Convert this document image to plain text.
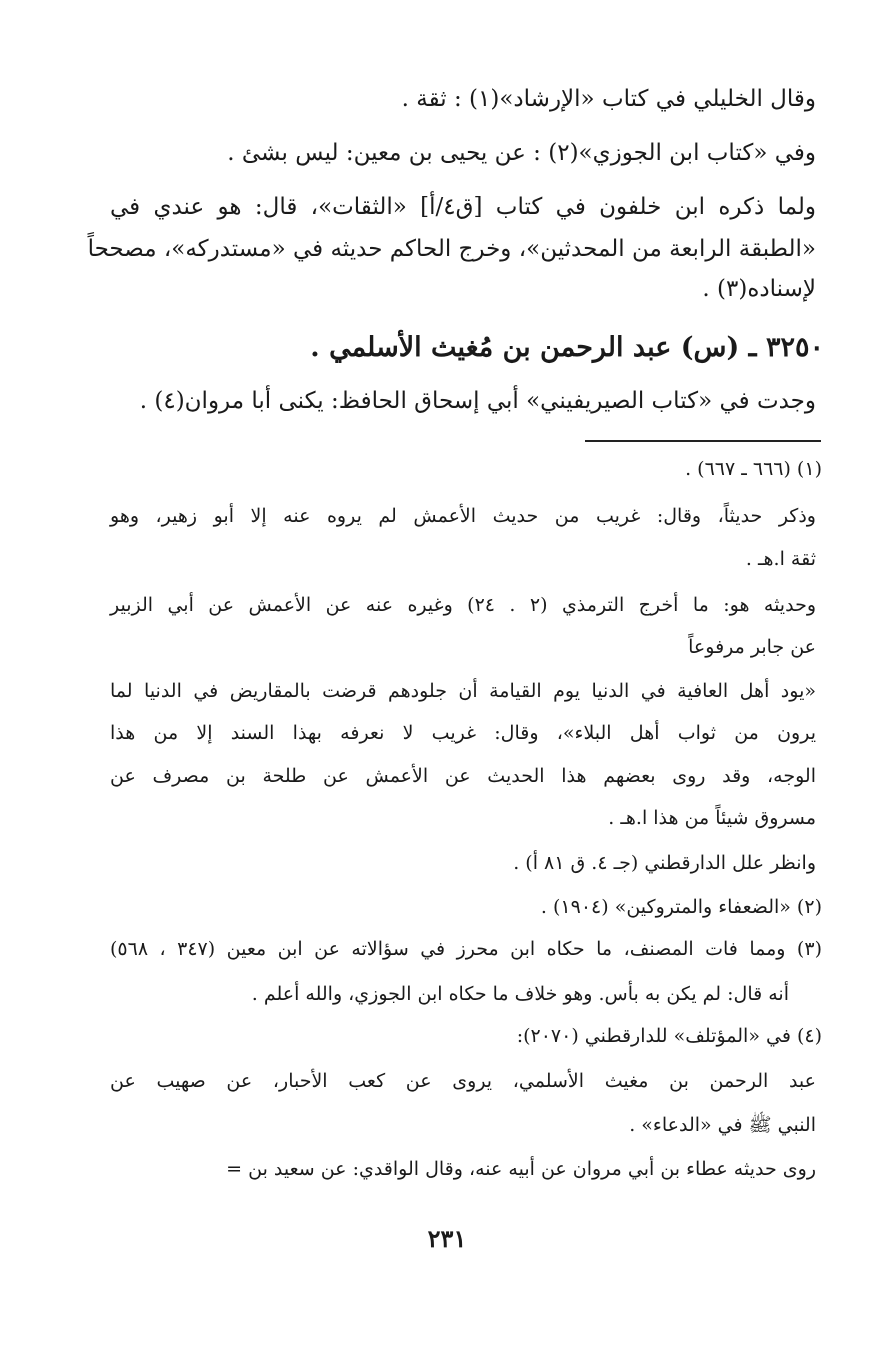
وقال الخليلي في كتاب «الإرشاد»(١) : ثقة .
وفي «كتاب ابن الجوزي»(٢) : عن يحيى بن معين: ليس بشئ .
ولما ذكره ابن خلفون في كتاب [ق٤/أ] «الثقات»، قال: هو عندي في
«الطبقة الرابعة من المحدثين»، وخرج الحاكم حديثه في «مستدركه»، مصححاً
لإسناده(٣) .
٣٢٥٠ ـ (س) عبد الرحمن بن مُغيث الأسلمي .
وجدت في «كتاب الصيريفيني» أبي إسحاق الحافظ: يكنى أبا مروان(٤) .
(١) (٦٦٦ ـ ٦٦٧) .
وذكر حديثاً، وقال: غريب من حديث الأعمش لم يروه عنه إلا أبو زهير، وهو
ثقة ا.هـ .
وحديثه هو: ما أخرج الترمذي (٢ . ٢٤) وغيره عنه عن الأعمش عن أبي الزبير
عن جابر مرفوعاً
«يود أهل العافية في الدنيا يوم القيامة أن جلودهم قرضت بالمقاريض في الدنيا لما
يرون من ثواب أهل البلاء»، وقال: غريب لا نعرفه بهذا السند إلا من هذا
الوجه، وقد روى بعضهم هذا الحديث عن الأعمش عن طلحة بن مصرف عن
مسروق شيئاً من هذا ا.هـ .
وانظر علل الدارقطني (جـ ٤. ق ٨١ أ) .
(٢) «الضعفاء والمتروكين» (١٩٠٤) .
(٣) ومما فات المصنف، ما حكاه ابن محرز في سؤالاته عن ابن معين (٣٤٧ ، ٥٦٨)
أنه قال: لم يكن به بأس. وهو خلاف ما حكاه ابن الجوزي، والله أعلم .
(٤) في «المؤتلف» للدارقطني (٢٠٧٠):
عبد الرحمن بن مغيث الأسلمي، يروى عن كعب الأحبار، عن صهيب عن
النبي ﷺ في «الدعاء» .
روى حديثه عطاء بن أبي مروان عن أبيه عنه، وقال الواقدي: عن سعيد بن =
٢٣١
